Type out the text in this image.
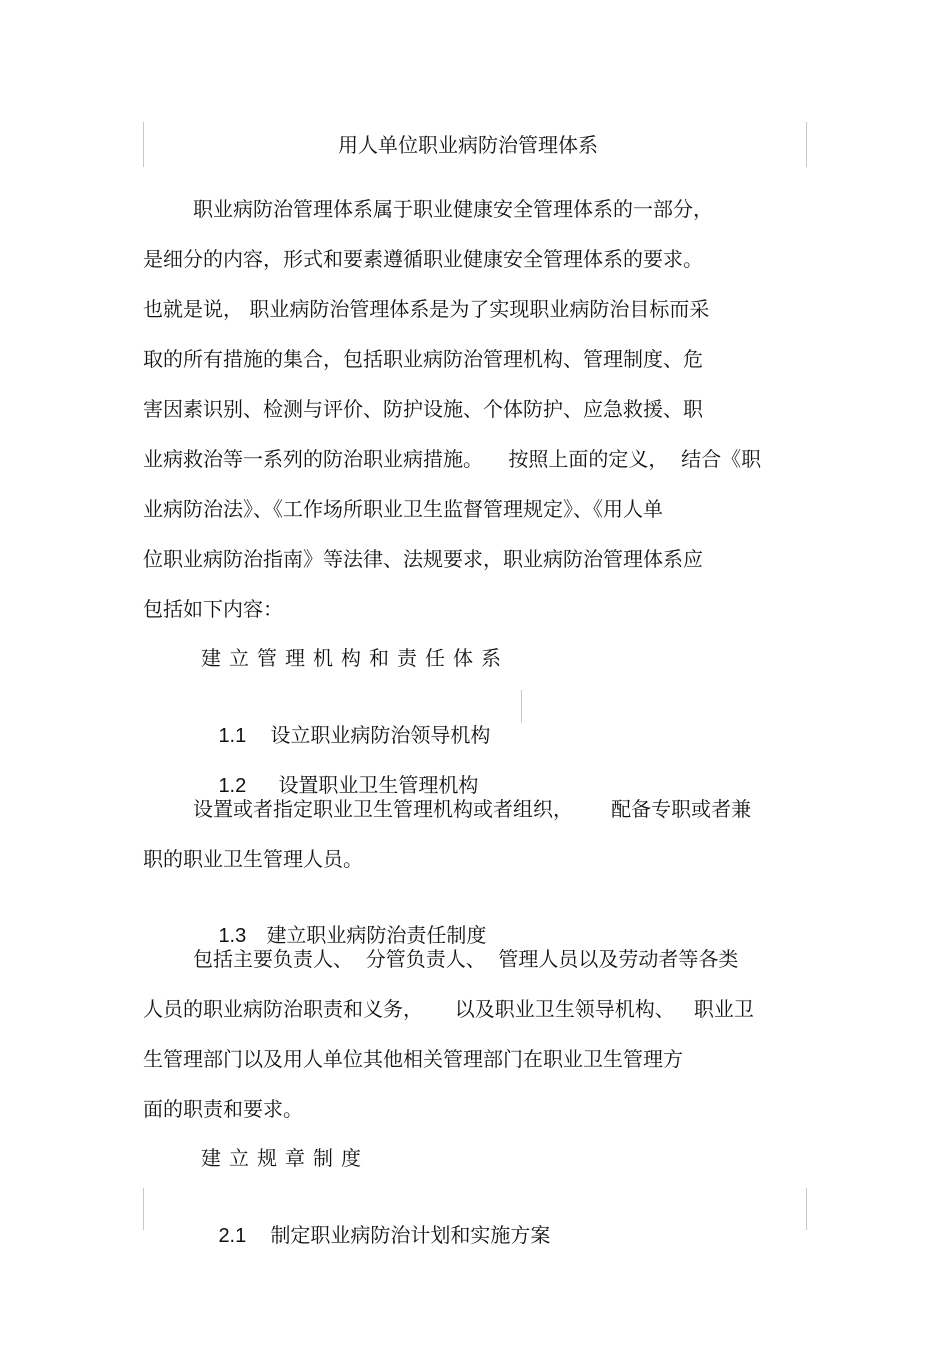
用人单位职业病防治管理体系
职业病防治管理体系属于职业健康安全管理体系的一部分，
是细分的内容，形式和要素遵循职业健康安全管理体系的要求。
也就是说， 职业病防治管理体系是为了实现职业病防治目标而采
取的所有措施的集合，包括职业病防治管理机构、管理制度、危
害因素识别、检测与评价、防护设施、个体防护、应急救援、职
业病救治等一系列的防治职业病措施。    按照上面的定义，  结合《职
业病防治法》、《工作场所职业卫生监督管理规定》、《用人单
位职业病防治指南》等法律、法规要求，职业病防治管理体系应
包括如下内容：
建立管理机构和责任体系

1.1 设立职业病防治领导机构

1.2 设置职业卫生管理机构

设置或者指定职业卫生管理机构或者组织，      配备专职或者兼
职的职业卫生管理人员。

1.3 建立职业病防治责任制度

包括主要负责人、  分管负责人、  管理人员以及劳动者等各类
人员的职业病防治职责和义务，     以及职业卫生领导机构、   职业卫
生管理部门以及用人单位其他相关管理部门在职业卫生管理方
面的职责和要求。
建立规章制度

2.1 制定职业病防治计划和实施方案
